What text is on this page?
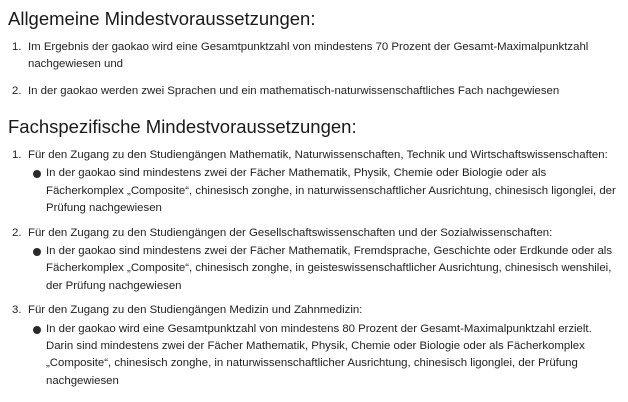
Allgemeine Mindestvoraussetzungen:
1. Im Ergebnis der gaokao wird eine Gesamtpunktzahl von mindestens 70 Prozent der Gesamt-Maximalpunktzahl nachgewiesen und

2. In der gaokao werden zwei Sprachen und ein mathematisch-naturwissenschaftliches Fach nachgewiesen

Fachspezifische Mindestvoraussetzungen:
1. Für den Zugang zu den Studiengängen Mathematik, Naturwissenschaften, Technik und Wirtschaftswissenschaften:

In der gaokao sind mindestens zwei der Fächer Mathematik, Physik, Chemie oder Biologie oder als Fächerkomplex „Composite“, chinesisch zonghe, in naturwissenschaftlicher Ausrichtung, chinesisch ligonglei, der Prüfung nachgewiesen

2. Für den Zugang zu den Studiengängen der Gesellschaftswissenschaften und der Sozialwissenschaften:

In der gaokao sind mindestens zwei der Fächer Mathematik, Fremdsprache, Geschichte oder Erdkunde oder als Fächerkomplex „Composite“, chinesisch zonghe, in geisteswissenschaftlicher Ausrichtung, chinesisch wenshilei, der Prüfung nachgewiesen

3. Für den Zugang zu den Studiengängen Medizin und Zahnmedizin:

In der gaokao wird eine Gesamtpunktzahl von mindestens 80 Prozent der Gesamt-Maximalpunktzahl erzielt. Darin sind mindestens zwei der Fächer Mathematik, Physik, Chemie oder Biologie oder als Fächerkomplex „Composite“, chinesisch zonghe, in naturwissenschaftlicher Ausrichtung, chinesisch ligonglei, der Prüfung nachgewiesen
